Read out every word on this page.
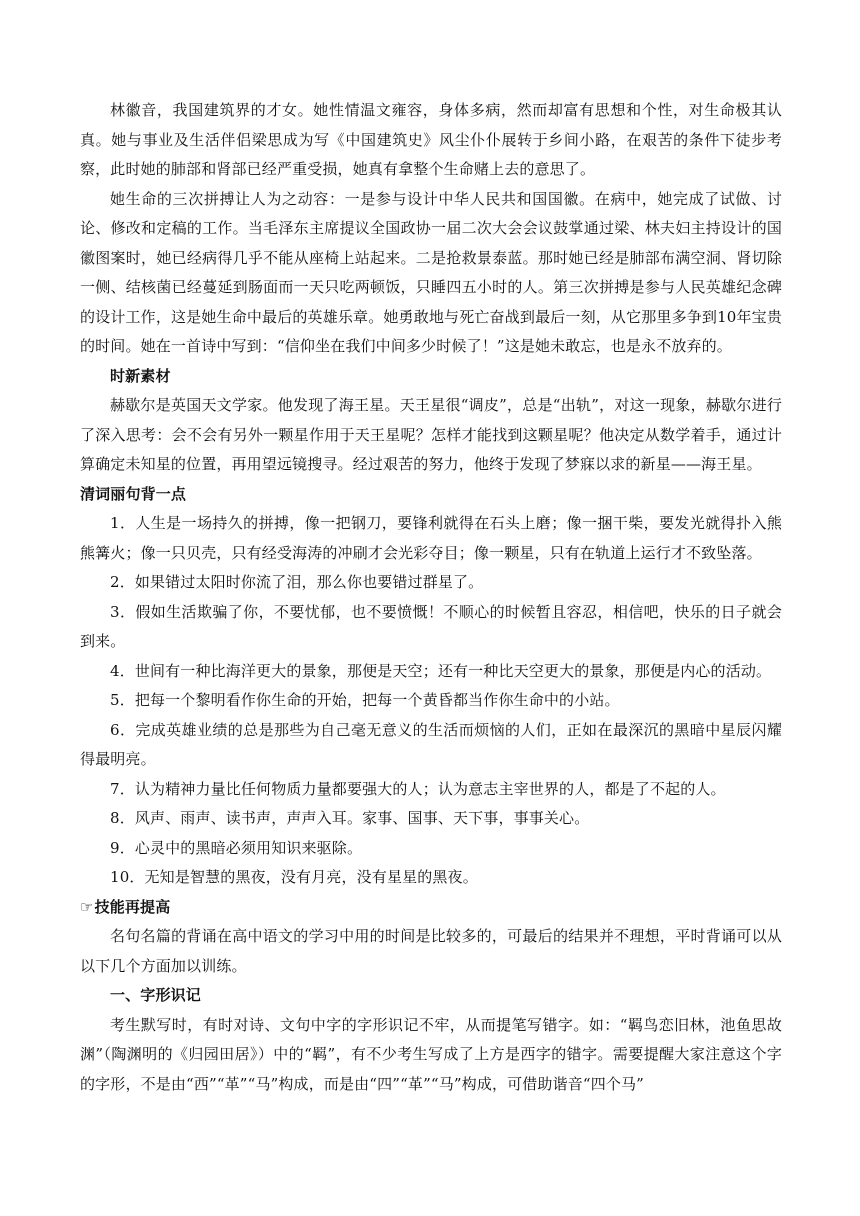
林徽音，我国建筑界的才女。她性情温文雍容，身体多病，然而却富有思想和个性，对生命极其认真。她与事业及生活伴侣梁思成为写《中国建筑史》风尘仆仆展转于乡间小路，在艰苦的条件下徒步考察，此时她的肺部和肾部已经严重受损，她真有拿整个生命赌上去的意思了。

她生命的三次拼搏让人为之动容：一是参与设计中华人民共和国国徽。在病中，她完成了试做、讨论、修改和定稿的工作。当毛泽东主席提议全国政协一届二次大会会议鼓掌通过梁、林夫妇主持设计的国徽图案时，她已经病得几乎不能从座椅上站起来。二是抢救景泰蓝。那时她已经是肺部布满空洞、肾切除一侧、结核菌已经蔓延到肠面而一天只吃两顿饭，只睡四五小时的人。第三次拼搏是参与人民英雄纪念碑的设计工作，这是她生命中最后的英雄乐章。她勇敢地与死亡奋战到最后一刻，从它那里多争到10年宝贵的时间。她在一首诗中写到：“信仰坐在我们中间多少时候了！”这是她未敢忘，也是永不放弃的。

时新素材

赫歇尔是英国天文学家。他发现了海王星。天王星很“调皮”，总是“出轨”，对这一现象，赫歇尔进行了深入思考：会不会有另外一颗星作用于天王星呢？怎样才能找到这颗星呢？他决定从数学着手，通过计算确定未知星的位置，再用望远镜搜寻。经过艰苦的努力，他终于发现了梦寐以求的新星——海王星。

清词丽句背一点

1．人生是一场持久的拼搏，像一把钢刀，要锋利就得在石头上磨；像一捆干柴，要发光就得扑入熊熊篝火；像一只贝壳，只有经受海涛的冲刷才会光彩夺目；像一颗星，只有在轨道上运行才不致坠落。

2．如果错过太阳时你流了泪，那么你也要错过群星了。

3．假如生活欺骗了你，不要忧郁，也不要愤慨！不顺心的时候暂且容忍，相信吧，快乐的日子就会到来。

4．世间有一种比海洋更大的景象，那便是天空；还有一种比天空更大的景象，那便是内心的活动。

5．把每一个黎明看作你生命的开始，把每一个黄昏都当作你生命中的小站。

6．完成英雄业绩的总是那些为自己毫无意义的生活而烦恼的人们，正如在最深沉的黑暗中星辰闪耀得最明亮。

7．认为精神力量比任何物质力量都要强大的人；认为意志主宰世界的人，都是了不起的人。

8．风声、雨声、读书声，声声入耳。家事、国事、天下事，事事关心。

9．心灵中的黑暗必须用知识来驱除。

10．无知是智慧的黑夜，没有月亮，没有星星的黑夜。

☞技能再提高

名句名篇的背诵在高中语文的学习中用的时间是比较多的，可最后的结果并不理想，平时背诵可以从以下几个方面加以训练。

一、字形识记

考生默写时，有时对诗、文句中字的字形识记不牢，从而提笔写错字。如：“羁鸟恋旧林，池鱼思故渊”（陶渊明的《归园田居》）中的“羁”，有不少考生写成了上方是西字的错字。需要提醒大家注意这个字的字形，不是由“西”“革”“马”构成，而是由“四”“革”“马”构成，可借助谐音“四个马”
